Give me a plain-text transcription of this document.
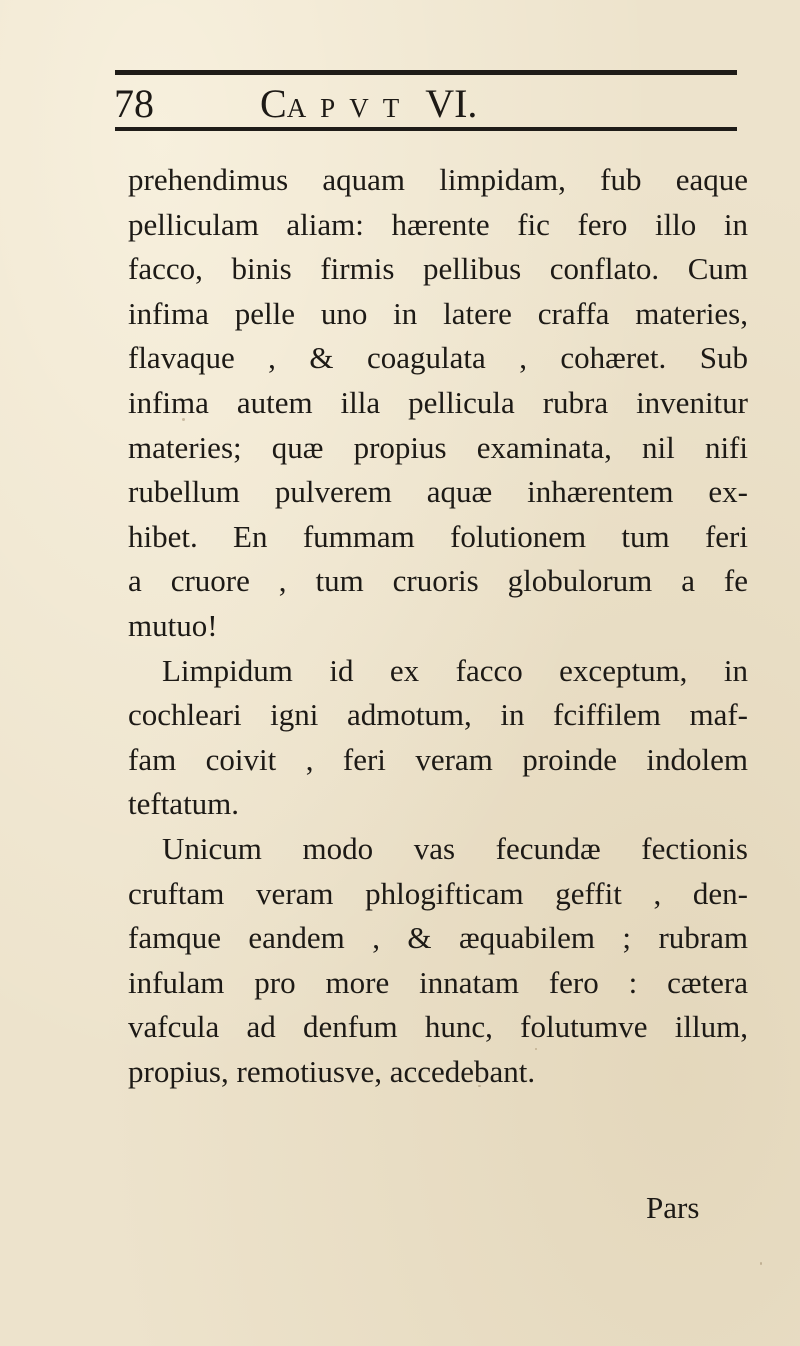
78	CAPVT VI.
prehendimus aquam limpidam, fub eaque
pelliculam aliam: hærente fic fero illo in
facco, binis firmis pellibus conflato. Cum
infima pelle uno in latere craffa materies,
flavaque , & coagulata , cohæret. Sub
infima autem illa pellicula rubra invenitur
materies; quæ propius examinata, nil nifi
rubellum pulverem aquæ inhærentem ex-
hibet. En fummam folutionem tum feri
a cruore , tum cruoris globulorum a fe
mutuo!
Limpidum id ex facco exceptum, in
cochleari igni admotum, in fciffilem maf-
fam coivit , feri veram proinde indolem
teftatum.
Unicum modo vas fecundæ fectionis
cruftam veram phlogifticam geffit , den-
famque eandem , & æquabilem ; rubram
infulam pro more innatam fero : cætera
vafcula ad denfum hunc, folutumve illum,
propius, remotiusve, accedebant.
Pars
